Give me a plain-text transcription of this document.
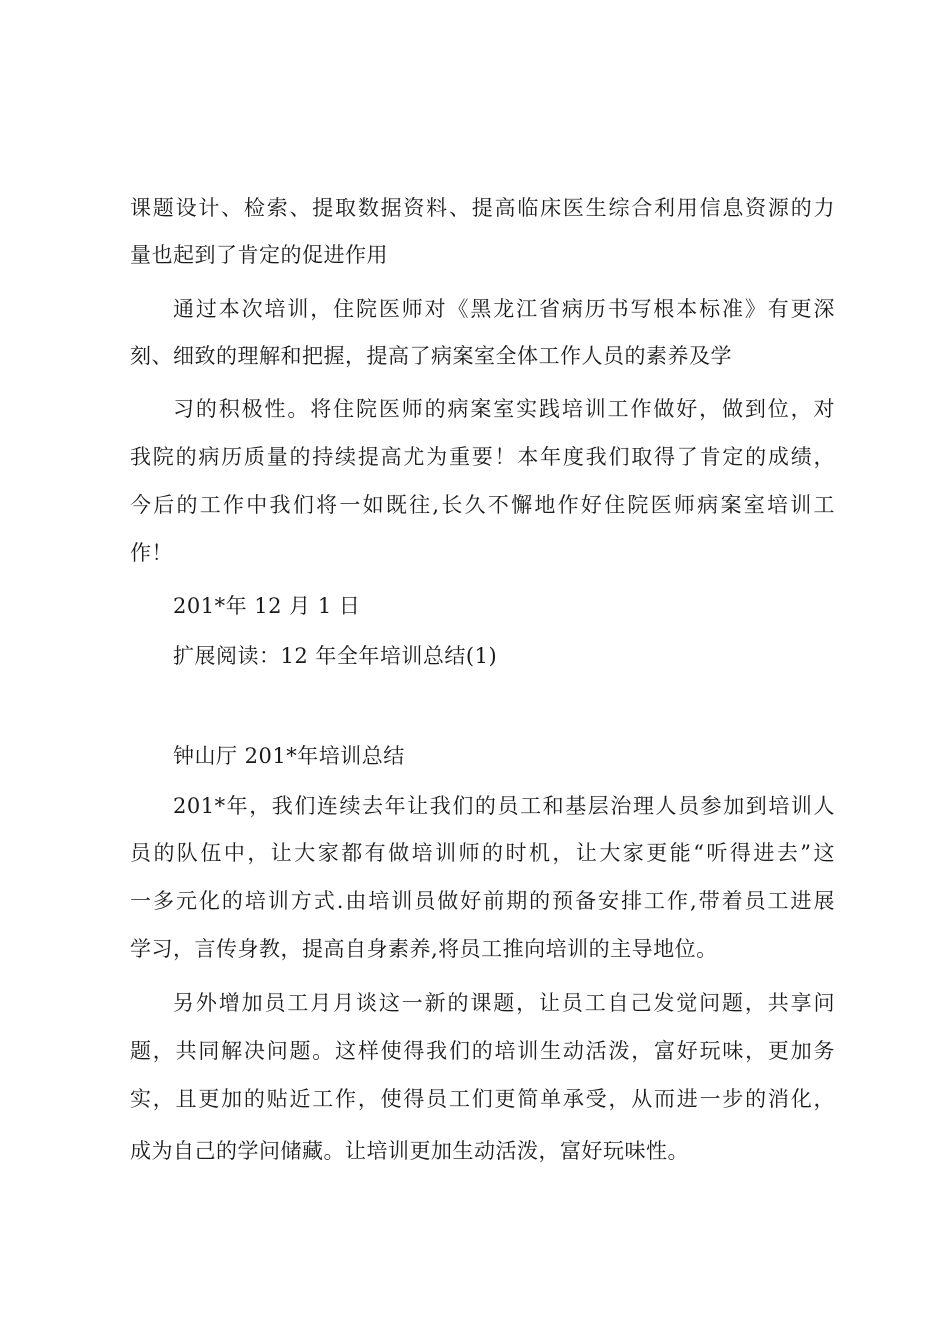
课题设计、检索、提取数据资料、提高临床医生综合利用信息资源的力
量也起到了肯定的促进作用
通过本次培训，住院医师对《黑龙江省病历书写根本标准》有更深
刻、细致的理解和把握，提高了病案室全体工作人员的素养及学
习的积极性。将住院医师的病案室实践培训工作做好，做到位，对
我院的病历质量的持续提高尤为重要！本年度我们取得了肯定的成绩，
今后的工作中我们将一如既往,长久不懈地作好住院医师病案室培训工
作！
201*年 12 月 1 日
扩展阅读：12 年全年培训总结(1)
钟山厅 201*年培训总结
201*年，我们连续去年让我们的员工和基层治理人员参加到培训人
员的队伍中，让大家都有做培训师的时机，让大家更能“听得进去”这
一多元化的培训方式.由培训员做好前期的预备安排工作,带着员工进展
学习，言传身教，提高自身素养,将员工推向培训的主导地位。
另外增加员工月月谈这一新的课题，让员工自己发觉问题，共享问
题，共同解决问题。这样使得我们的培训生动活泼，富好玩味，更加务
实，且更加的贴近工作，使得员工们更简单承受，从而进一步的消化，
成为自己的学问储藏。让培训更加生动活泼，富好玩味性。
